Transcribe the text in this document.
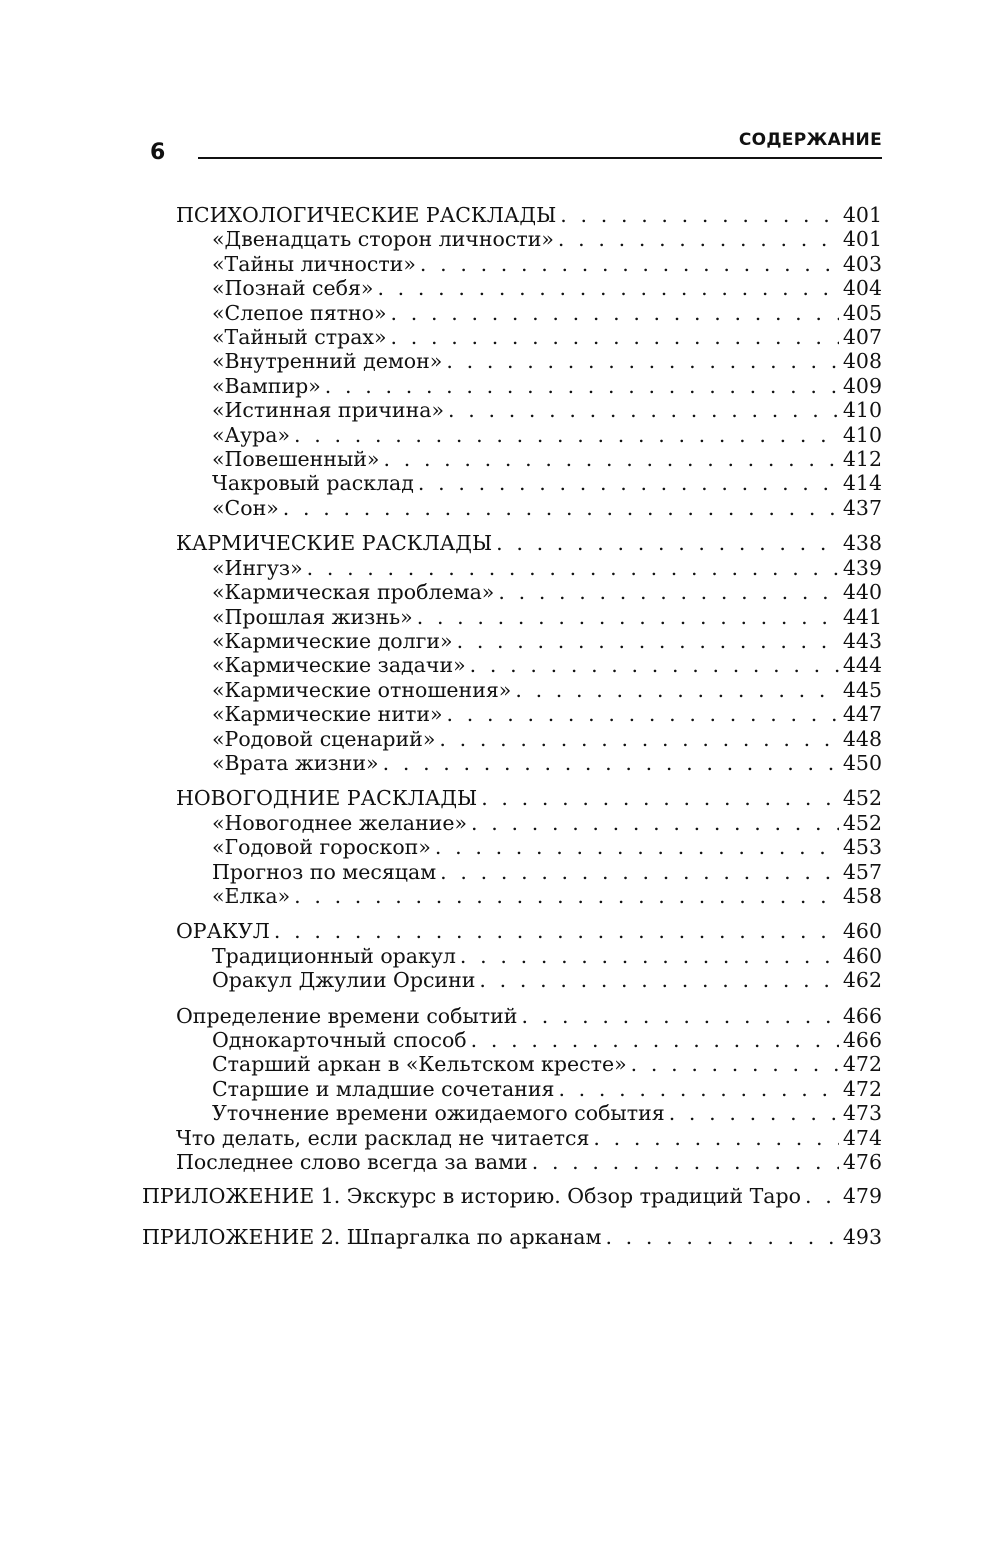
6	СОДЕРЖАНИЕ
ПСИХОЛОГИЧЕСКИЕ РАСКЛАДЫ . . .	401
«Двенадцать сторон личности» . . .	401
«Тайны личности» . . .	403
«Познай себя» . . .	404
«Слепое пятно» . . .	405
«Тайный страх» . . .	407
«Внутренний демон» . . .	408
«Вампир» . . .	409
«Истинная причина» . . .	410
«Аура» . . .	410
«Повешенный» . . .	412
Чакровый расклад . . .	414
«Сон» . . .	437
КАРМИЧЕСКИЕ РАСКЛАДЫ . . .	438
«Ингуз» . . .	439
«Кармическая проблема» . . .	440
«Прошлая жизнь» . . .	441
«Кармические долги» . . .	443
«Кармические задачи» . . .	444
«Кармические отношения» . . .	445
«Кармические нити» . . .	447
«Родовой сценарий» . . .	448
«Врата жизни» . . .	450
НОВОГОДНИЕ РАСКЛАДЫ . . .	452
«Новогоднее желание» . . .	452
«Годовой гороскоп» . . .	453
Прогноз по месяцам . . .	457
«Елка» . . .	458
ОРАКУЛ . . .	460
Традиционный оракул . . .	460
Оракул Джулии Орсини . . .	462
Определение времени событий . . .	466
Однокарточный способ . . .	466
Старший аркан в «Кельтском кресте» . . .	472
Старшие и младшие сочетания . . .	472
Уточнение времени ожидаемого события . . .	473
Что делать, если расклад не читается . . .	474
Последнее слово всегда за вами . . .	476
ПРИЛОЖЕНИЕ 1. Экскурс в историю. Обзор традиций Таро . . . 479
ПРИЛОЖЕНИЕ 2. Шпаргалка по арканам . . .	493
